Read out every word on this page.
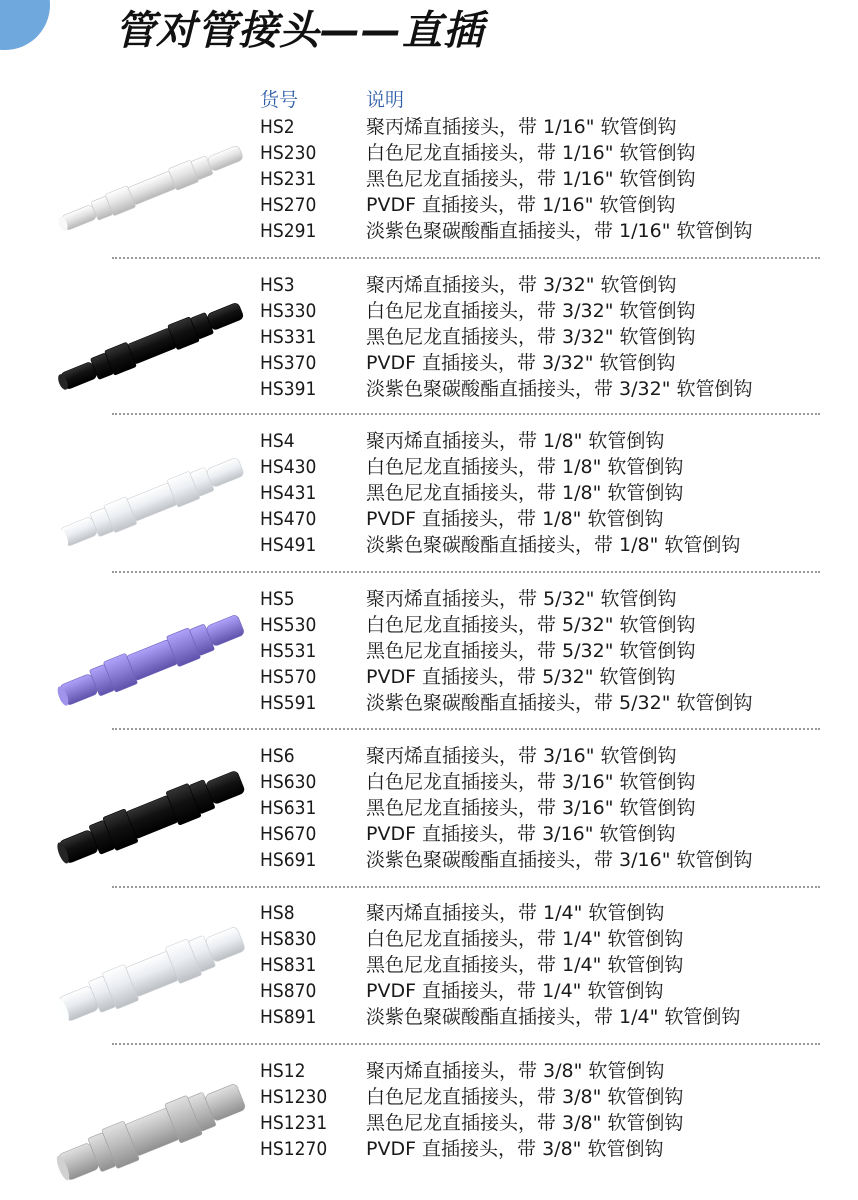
管对管接头——直插
货号	说明
HS2	聚丙烯直插接头，带 1/16" 软管倒钩
HS230	白色尼龙直插接头，带 1/16" 软管倒钩
HS231	黑色尼龙直插接头，带 1/16" 软管倒钩
HS270	PVDF 直插接头，带 1/16" 软管倒钩
HS291	淡紫色聚碳酸酯直插接头，带 1/16" 软管倒钩
HS3	聚丙烯直插接头，带 3/32" 软管倒钩
HS330	白色尼龙直插接头，带 3/32" 软管倒钩
HS331	黑色尼龙直插接头，带 3/32" 软管倒钩
HS370	PVDF 直插接头，带 3/32" 软管倒钩
HS391	淡紫色聚碳酸酯直插接头，带 3/32" 软管倒钩
HS4	聚丙烯直插接头，带 1/8" 软管倒钩
HS430	白色尼龙直插接头，带 1/8" 软管倒钩
HS431	黑色尼龙直插接头，带 1/8" 软管倒钩
HS470	PVDF 直插接头，带 1/8" 软管倒钩
HS491	淡紫色聚碳酸酯直插接头，带 1/8" 软管倒钩
HS5	聚丙烯直插接头，带 5/32" 软管倒钩
HS530	白色尼龙直插接头，带 5/32" 软管倒钩
HS531	黑色尼龙直插接头，带 5/32" 软管倒钩
HS570	PVDF 直插接头，带 5/32" 软管倒钩
HS591	淡紫色聚碳酸酯直插接头，带 5/32" 软管倒钩
HS6	聚丙烯直插接头，带 3/16" 软管倒钩
HS630	白色尼龙直插接头，带 3/16" 软管倒钩
HS631	黑色尼龙直插接头，带 3/16" 软管倒钩
HS670	PVDF 直插接头，带 3/16" 软管倒钩
HS691	淡紫色聚碳酸酯直插接头，带 3/16" 软管倒钩
HS8	聚丙烯直插接头，带 1/4" 软管倒钩
HS830	白色尼龙直插接头，带 1/4" 软管倒钩
HS831	黑色尼龙直插接头，带 1/4" 软管倒钩
HS870	PVDF 直插接头，带 1/4" 软管倒钩
HS891	淡紫色聚碳酸酯直插接头，带 1/4" 软管倒钩
HS12	聚丙烯直插接头，带 3/8" 软管倒钩
HS1230 白色尼龙直插接头，带 3/8" 软管倒钩
HS1231 黑色尼龙直插接头，带 3/8" 软管倒钩
HS1270 PVDF 直插接头，带 3/8" 软管倒钩
